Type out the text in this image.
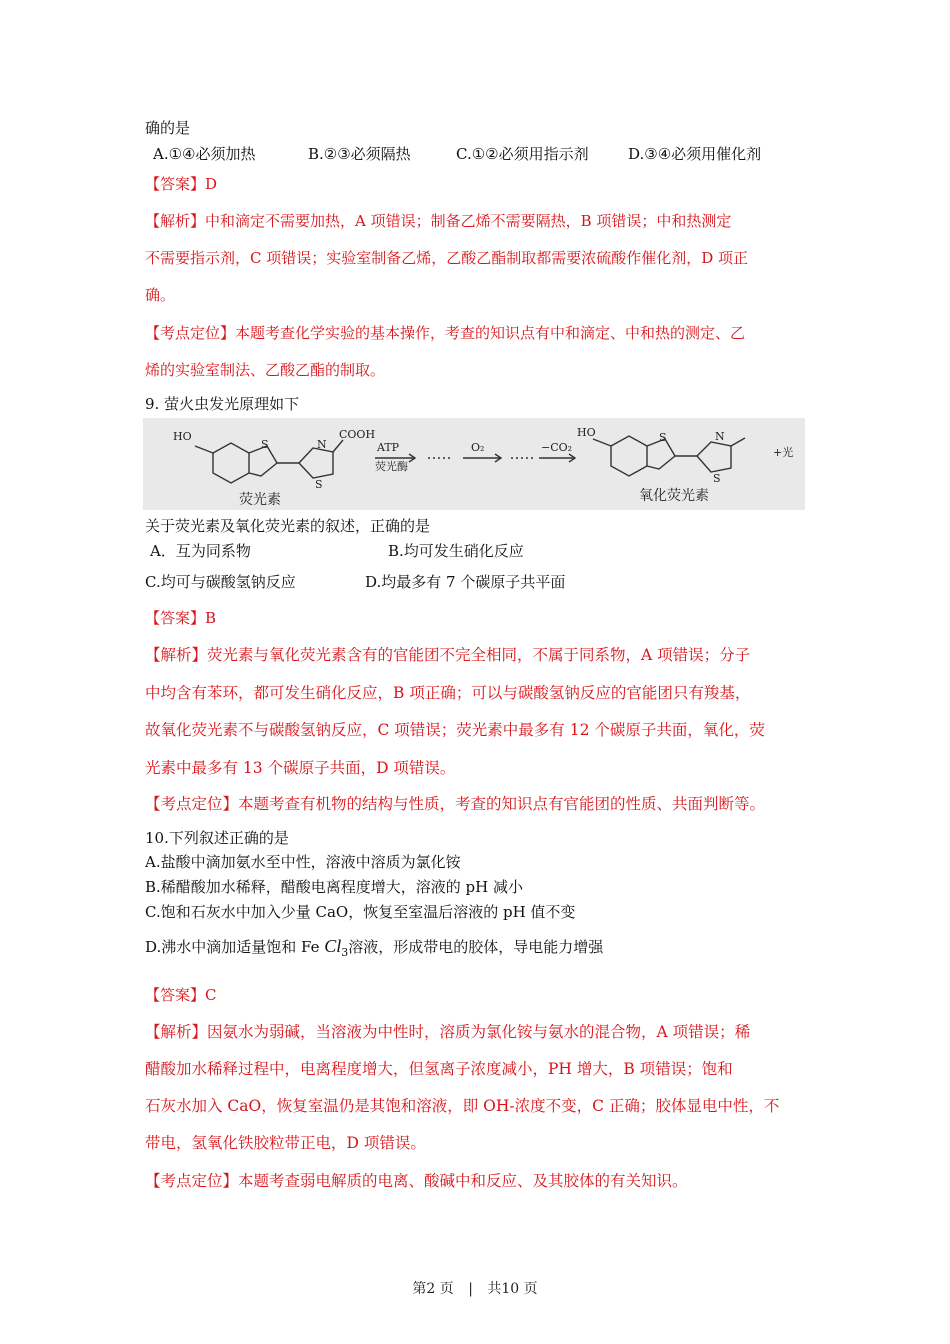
确的是
A.①④必须加热	B.②③必须隔热	C.①②必须用指示剂	D.③④必须用催化剂
【答案】D
【解析】中和滴定不需要加热，A 项错误；制备乙烯不需要隔热，B 项错误；中和热测定
不需要指示剂，C 项错误；实验室制备乙烯，乙酸乙酯制取都需要浓硫酸作催化剂，D 项正
确。
【考点定位】本题考查化学实验的基本操作，考查的知识点有中和滴定、中和热的测定、乙
烯的实验室制法、乙酸乙酯的制取。
9. 萤火虫发光原理如下
HO
S
S
N
COOH
ATP
荧光酶
O₂	−CO₂
HO	S
S
N
+光
荧光素	氧化荧光素
关于荧光素及氧化荧光素的叙述，正确的是
A．互为同系物	B.均可发生硝化反应
C.均可与碳酸氢钠反应	D.均最多有 7 个碳原子共平面
【答案】B
【解析】荧光素与氧化荧光素含有的官能团不完全相同，不属于同系物，A 项错误；分子
中均含有苯环，都可发生硝化反应，B 项正确；可以与碳酸氢钠反应的官能团只有羧基，
故氧化荧光素不与碳酸氢钠反应，C 项错误；荧光素中最多有 12 个碳原子共面，氧化，荧
光素中最多有 13 个碳原子共面，D 项错误。
【考点定位】本题考查有机物的结构与性质，考查的知识点有官能团的性质、共面判断等。
10.下列叙述正确的是
A.盐酸中滴加氨水至中性，溶液中溶质为氯化铵
B.稀醋酸加水稀释，醋酸电离程度增大，溶液的 pH 减小
C.饱和石灰水中加入少量 CaO，恢复至室温后溶液的 pH 值不变
D.沸水中滴加适量饱和 Fe $Cl_3$溶液，形成带电的胶体，导电能力增强
【答案】C
【解析】因氨水为弱碱，当溶液为中性时，溶质为氯化铵与氨水的混合物，A 项错误；稀
醋酸加水稀释过程中，电离程度增大，但氢离子浓度减小，PH 增大，B 项错误；饱和
石灰水加入 CaO，恢复室温仍是其饱和溶液，即 OH-浓度不变，C 正确；胶体显电中性，不
带电，氢氧化铁胶粒带正电，D 项错误。
【考点定位】本题考查弱电解质的电离、酸碱中和反应、及其胶体的有关知识。
第2 页 | 共10 页
